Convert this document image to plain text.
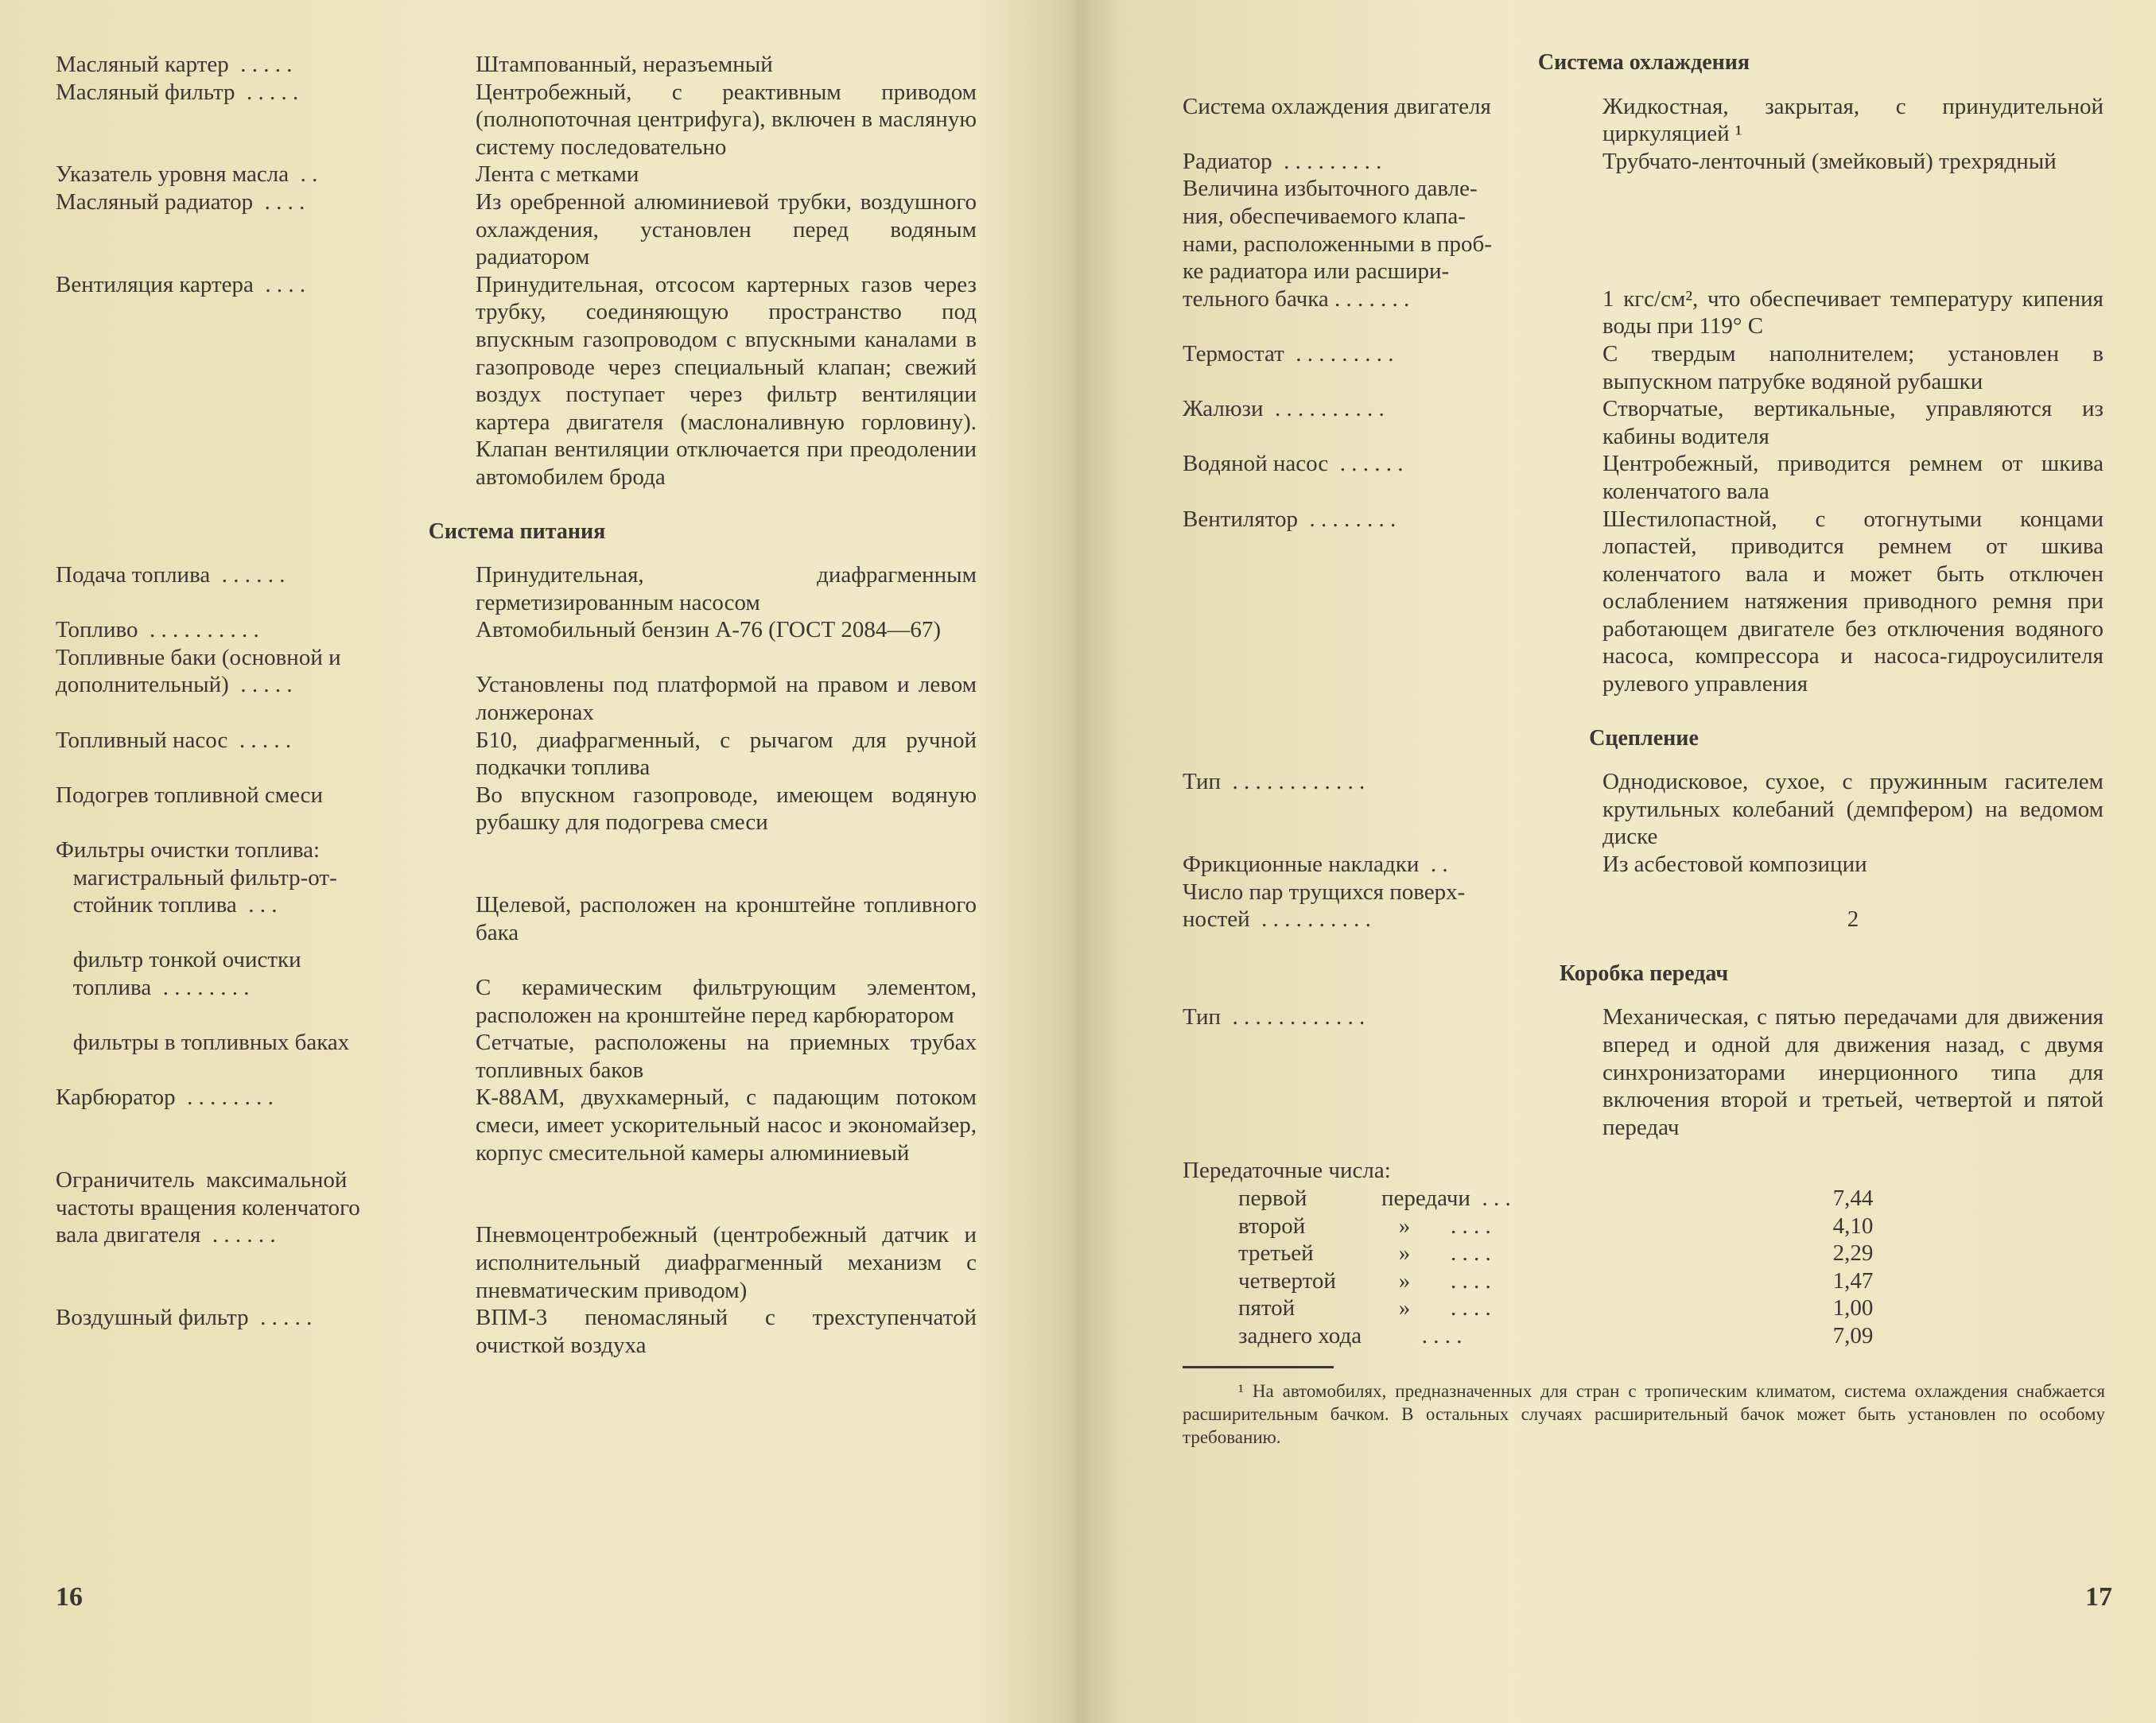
Масляный картер  . . . . .	Штампованный, неразъемный
Масляный фильтр  . . . . .	Центробежный, с реактивным приводом (полнопоточная центрифуга), включен в масляную систему последовательно
Указатель уровня масла  . .	Лента с метками
Масляный радиатор  . . . .	Из оребренной алюминиевой трубки, воздушного охлаждения, установлен перед водяным радиатором
Вентиляция картера  . . . .	Принудительная, отсосом картерных газов через трубку, соединяющую пространство под впускным газопроводом с впускными каналами в газопроводе через специальный клапан; свежий воздух поступает через фильтр вентиляции картера двигателя (маслоналивную горловину). Клапан вентиляции отключается при преодолении автомобилем брода
Система питания
Подача топлива  . . . . . .	Принудительная, диафрагменным герметизированным насосом
Топливо  . . . . . . . . . .	Автомобильный бензин А-76 (ГОСТ 2084—67)
Топливные баки (основной и
дополнительный)  . . . . .	Установлены под платформой на правом и левом лонжеронах
Топливный насос  . . . . .	Б10, диафрагменный, с рычагом для ручной подкачки топлива
Подогрев топливной смеси	Во впускном газопроводе, имеющем водяную рубашку для подогрева смеси
Фильтры очистки топлива:
магистральный фильтр-от-
стойник топлива  . . .	Щелевой, расположен на кронштейне топливного бака
фильтр тонкой очистки
топлива  . . . . . . . .	С керамическим фильтрующим элементом, расположен на кронштейне перед карбюратором
фильтры в топливных баках	Сетчатые, расположены на приемных трубах топливных баков
Карбюратор  . . . . . . . .	К-88АМ, двухкамерный, с падающим потоком смеси, имеет ускорительный насос и экономайзер, корпус смесительной камеры алюминиевый
Ограничитель  максимальной
частоты вращения коленчатого
вала двигателя  . . . . . .	Пневмоцентробежный (центробежный датчик и исполнительный диафрагменный механизм с пневматическим приводом)
Воздушный фильтр  . . . . .	ВПМ-3 пеномасляный с трехступенчатой очисткой воздуха
16
Система охлаждения
Система охлаждения двигателя	Жидкостная, закрытая, с принудительной циркуляцией ¹
Радиатор  . . . . . . . . .	Трубчато-ленточный (змейковый) трехрядный
Величина избыточного давле-
ния, обеспечиваемого клапа-
нами, расположенными в проб-
ке радиатора или расшири-
тельного бачка . . . . . . .	1 кгс/см², что обеспечивает температуру кипения воды при 119° С
Термостат  . . . . . . . . .	С твердым наполнителем; установлен в выпускном патрубке водяной рубашки
Жалюзи  . . . . . . . . . .	Створчатые, вертикальные, управляются из кабины водителя
Водяной насос  . . . . . .	Центробежный, приводится ремнем от шкива коленчатого вала
Вентилятор  . . . . . . . .	Шестилопастной, с отогнутыми концами лопастей, приводится ремнем от шкива коленчатого вала и может быть отключен ослаблением натяжения приводного ремня при работающем двигателе без отключения водяного насоса, компрессора и насоса-гидроусилителя рулевого управления
Сцепление
Тип  . . . . . . . . . . . .	Однодисковое, сухое, с пружинным гасителем крутильных колебаний (демпфером) на ведомом диске
Фрикционные накладки  . .	Из асбестовой композиции
Число пар трущихся поверх-
ностей  . . . . . . . . . .	2
Коробка передач
Тип  . . . . . . . . . . . .	Механическая, с пятью передачами для движения вперед и одной для движения назад, с двумя синхронизаторами инерционного типа для включения второй и третьей, четвертой и пятой передач
Передаточные числа:
первой	передачи  . . .	7,44
второй	»       . . . .	4,10
третьей	»       . . . .	2,29
четвертой	»       . . . .	1,47
пятой	»       . . . .	1,00
заднего хода . . . .	7,09
¹ На автомобилях, предназначенных для стран с тропическим климатом, система охлаждения снабжается расширительным бачком. В остальных случаях расширительный бачок может быть установлен по особому требованию.
17
